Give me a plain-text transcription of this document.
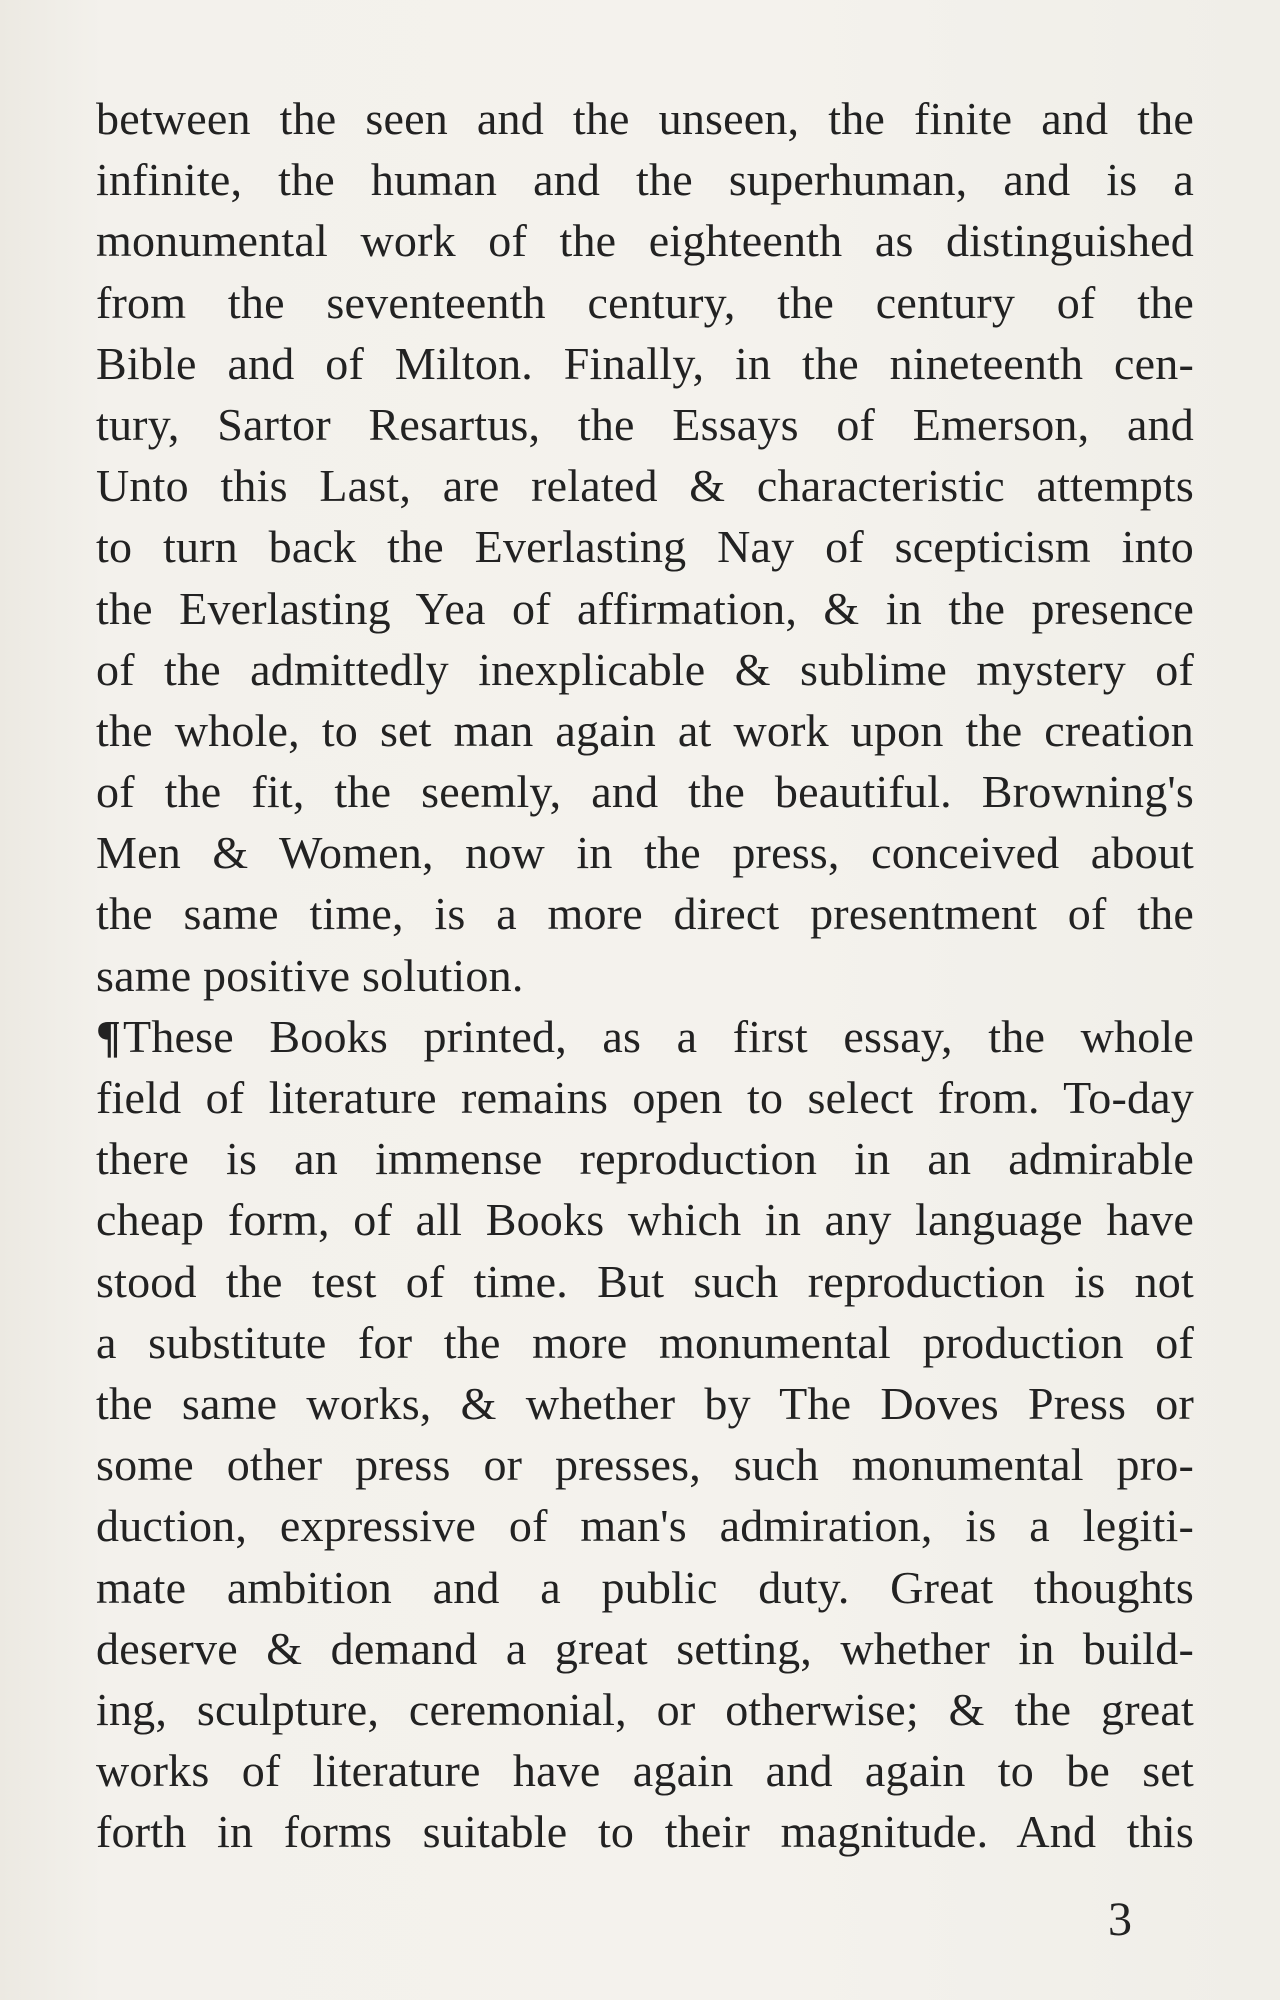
between the seen and the unseen, the finite and the
infinite, the human and the superhuman, and is a
monumental work of the eighteenth as distinguished
from the seventeenth century, the century of the
Bible and of Milton. Finally, in the nineteenth cen-
tury, Sartor Resartus, the Essays of Emerson, and
Unto this Last, are related & characteristic attempts
to turn back the Everlasting Nay of scepticism into
the Everlasting Yea of affirmation, & in the presence
of the admittedly inexplicable & sublime mystery of
the whole, to set man again at work upon the creation
of the fit, the seemly, and the beautiful. Browning's
Men & Women, now in the press, conceived about
the same time, is a more direct presentment of the
same positive solution.
¶These Books printed, as a first essay, the whole
field of literature remains open to select from. To-day
there is an immense reproduction in an admirable
cheap form, of all Books which in any language have
stood the test of time. But such reproduction is not
a substitute for the more monumental production of
the same works, & whether by The Doves Press or
some other press or presses, such monumental pro-
duction, expressive of man's admiration, is a legiti-
mate ambition and a public duty. Great thoughts
deserve & demand a great setting, whether in build-
ing, sculpture, ceremonial, or otherwise; & the great
works of literature have again and again to be set
forth in forms suitable to their magnitude. And this
3
